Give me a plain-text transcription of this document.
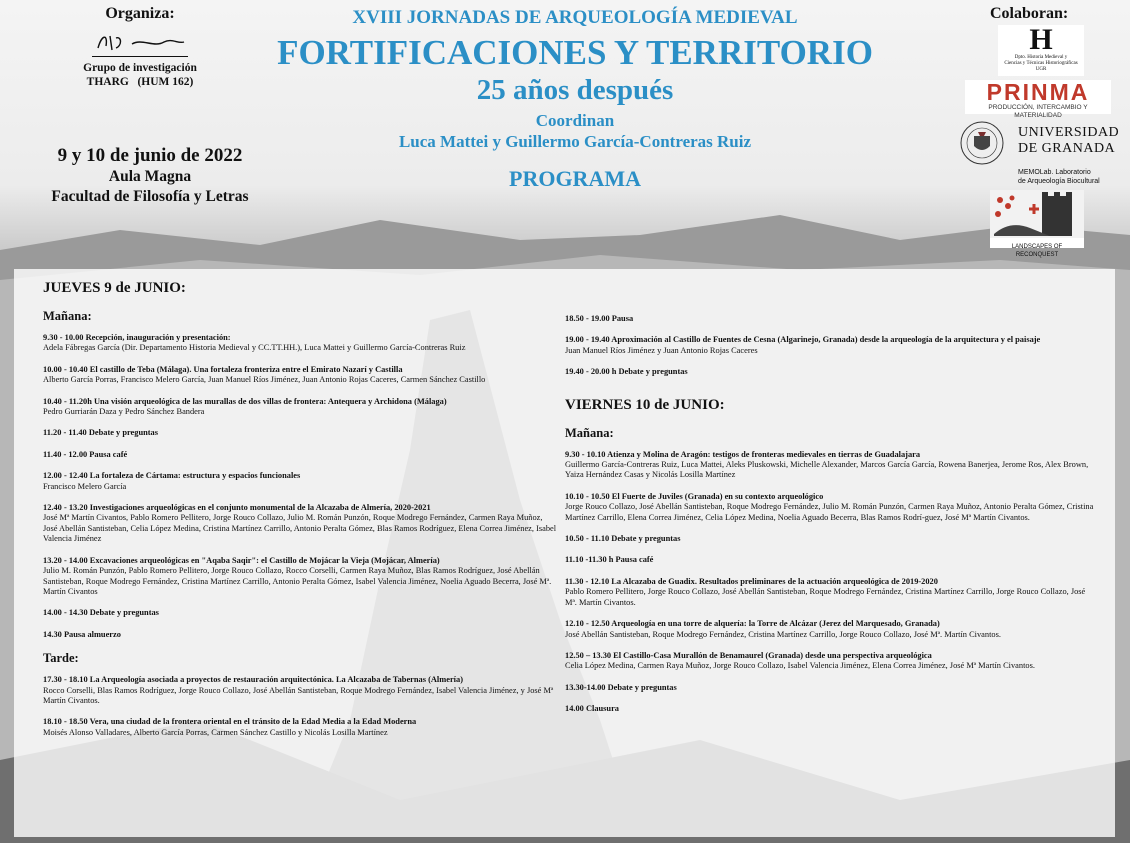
Organiza:
Grupo de investigación
THARG   (HUM 162)
9 y 10 de junio de 2022
Aula Magna
Facultad de Filosofía y Letras
XVIII JORNADAS DE ARQUEOLOGÍA MEDIEVAL
FORTIFICACIONES Y TERRITORIO
25 años después
Coordinan
Luca Mattei y Guillermo García-Contreras Ruiz
PROGRAMA
Colaboran:
H
Dpto. Historia Medieval y
Ciencias y Técnicas Historiográficas
UGR
PRINMA
PRODUCCIÓN, INTERCAMBIO Y MATERIALIDAD
UNIVERSIDAD
DE GRANADA
MEMOLab. Laboratorio
de Arqueología Biocultural
LANDSCAPES OF RECONQUEST
JUEVES 9 de JUNIO:
Mañana:
9.30 - 10.00 Recepción, inauguración y presentación:
Adela Fábregas García (Dir. Departamento Historia Medieval y CC.TT.HH.), Luca Mattei y Guillermo García-Contreras Ruiz
10.00 - 10.40 El castillo de Teba (Málaga). Una fortaleza fronteriza entre el Emirato Nazarí y Castilla
Alberto García Porras, Francisco Melero García, Juan Manuel Ríos Jiménez, Juan Antonio Rojas Caceres, Carmen Sánchez Castillo
10.40 - 11.20h Una visión arqueológica de las murallas de dos villas de frontera: Antequera y Archidona (Málaga)
Pedro Gurriarán Daza y Pedro Sánchez Bandera
11.20 - 11.40 Debate y preguntas
11.40 - 12.00 Pausa café
12.00 - 12.40 La fortaleza de Cártama: estructura y espacios funcionales
Francisco Melero García
12.40 - 13.20 Investigaciones arqueológicas en el conjunto monumental de la Alcazaba de Almería, 2020-2021
José Mª Martín Civantos, Pablo Romero Pellitero, Jorge Rouco Collazo, Julio M. Román Punzón, Roque Modrego Fernández, Carmen Raya Muñoz, José Abellán Santisteban, Celia López Medina, Cristina Martínez Carrillo, Antonio Peralta Gómez, Blas Ramos Rodríguez, Elena Correa Jiménez, Isabel Valencia Jiménez
13.20 - 14.00 Excavaciones arqueológicas en "Aqaba Saqir": el Castillo de Mojácar la Vieja (Mojácar, Almería)
Julio M. Román Punzón, Pablo Romero Pellitero, Jorge Rouco Collazo, Rocco Corselli, Carmen Raya Muñoz, Blas Ramos Rodríguez, José Abellán Santisteban, Roque Modrego Fernández, Cristina Martínez Carrillo, Antonio Peralta Gómez, Isabel Valencia Jiménez, Noelia Aguado Becerra, José Mª. Martín Civantos
14.00 - 14.30 Debate y preguntas
14.30 Pausa almuerzo
Tarde:
17.30 - 18.10 La Arqueología asociada a proyectos de restauración arquitectónica. La Alcazaba de Tabernas (Almería)
Rocco Corselli, Blas Ramos Rodríguez, Jorge Rouco Collazo, José Abellán Santisteban, Roque Modrego Fernández, Isabel Valencia Jiménez, y José Mª Martín Civantos.
18.10 - 18.50 Vera, una ciudad de la frontera oriental en el tránsito de la Edad Media a la Edad Moderna
Moisés Alonso Valladares, Alberto García Porras, Carmen Sánchez Castillo y Nicolás Losilla Martínez
18.50 - 19.00 Pausa
19.00 - 19.40 Aproximación al Castillo de Fuentes de Cesna (Algarinejo, Granada) desde la arqueología de la arquitectura y el paisaje
Juan Manuel Ríos Jiménez y Juan Antonio Rojas Caceres
19.40 - 20.00 h Debate y preguntas
VIERNES 10 de JUNIO:
Mañana:
9.30 - 10.10 Atienza y Molina de Aragón: testigos de fronteras medievales en tierras de Guadalajara
Guillermo García-Contreras Ruiz, Luca Mattei, Aleks Pluskowski, Michelle Alexander, Marcos García García, Rowena Banerjea, Jerome Ros, Alex Brown, Yaiza Hernández Casas y Nicolás Losilla Martínez
10.10 - 10.50 El Fuerte de Juviles (Granada) en su contexto arqueológico
Jorge Rouco Collazo, José Abellán Santisteban, Roque Modrego Fernández, Julio M. Román Punzón, Carmen Raya Muñoz, Antonio Peralta Gómez, Cristina Martínez Carrillo, Elena Correa Jiménez, Celia López Medina, Noelia Aguado Becerra, Blas Ramos Rodrí-guez, José Mª Martín Civantos.
10.50 - 11.10 Debate y preguntas
11.10 -11.30 h Pausa café
11.30 - 12.10 La Alcazaba de Guadix. Resultados preliminares de la actuación arqueológica de 2019-2020
Pablo Romero Pellitero, Jorge Rouco Collazo, José Abellán Santisteban, Roque Modrego Fernández, Cristina Martínez Carrillo, Jorge Rouco Collazo, José Mª. Martín Civantos.
12.10 - 12.50 Arqueología en una torre de alquería: la Torre de Alcázar (Jerez del Marquesado, Granada)
José Abellán Santisteban, Roque Modrego Fernández, Cristina Martínez Carrillo, Jorge Rouco Collazo, José Mª. Martín Civantos.
12.50 – 13.30 El Castillo-Casa Murallón de Benamaurel (Granada) desde una perspectiva arqueológica
Celia López Medina, Carmen Raya Muñoz, Jorge Rouco Collazo, Isabel Valencia Jiménez, Elena Correa Jiménez, José Mª Martín Civantos.
13.30-14.00 Debate y preguntas
14.00 Clausura
